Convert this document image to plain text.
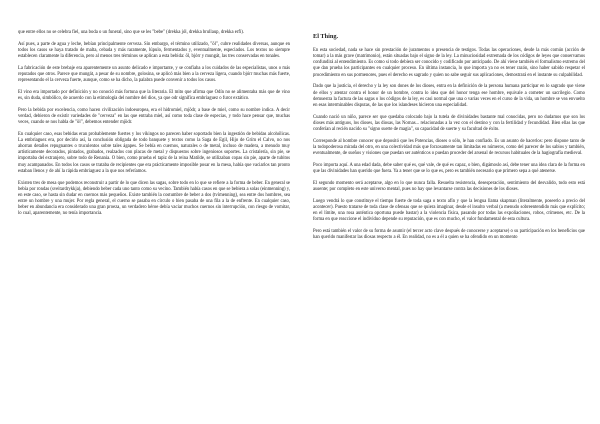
que entre ellos no se celebra fiel, una boda o un funeral, sino que se les "bebe" (drekka jól, drekka brullaup, drekka erfi).

Así pues, a parte de agua y leche, bebían principalmente cerveza. Sin embargo, el término utilizado, "öl", cubre realidades diversas, aunque en todos los casos se haya tratado de malta, cebada y más raramente, lúpulo, fermentados y, eventualmente, especiados. Los textos no siempre establecen claramente la diferencia, pero al menos tres términos se aplican a esta bebida: öl, bjórr y mungát, las tres conservadas en tonales.

La fabricación de este brebaje era aparentemente un asunto delicado e importante, y se confiaba a los cuidados de las especialistas, unos o más reputados que otros. Parece que mungát, a pesar de su nombre, golosina, se aplicó más bien a la cerveza ligera, cuando bjórr muchas más fuerte, representando el la cerveza fuerte, aunque, como se ha dicho, la palabra puede convenir a todos los casos.

El vino era importado por definición y no conoció más fortuna que la literaria. El mito que afirma que Odín no se alimentaba más que de vino es, sin duda, simbólico, de acuerdo con la etimología del nombre del dios, ya que odr significa embriaguez o furor extático.

Pero la bebida por excelencia, como hacen civilización indoeuropea, era el hidromiel, mjödr, a base de miel, como su nombre indica. A decir verdad, debieron de existir variedades de "cerveza" en las que entraba miel, así como toda clase de especias, y todo hace pensar que, muchas veces, cuando se nos habla de "öl", debemos entender mjödr.

En cualquier caso, esas bebidas eran probablemente fuertes y los vikingos no parecen haber soportado bien la ingestión de bebidas alcohólicas. La embriaguez era, por decirlo así, la conclusión obligada de todo banquete y textos como la Saga de Egil, Hijo de Grím el Calvo, no nos ahorran detalles repugnantes o truculentos sobre tales ágapes. Se bebía en cuernos, naturales o de metal, incluso de madera, a menudo muy artísticamente decorados, pintados, grabados, realzados con placas de metal y dispuestos sobre ingeniosos soportes. La cristalería, sin pie, se importaba del extranjero, sobre todo de Renania. O bien, como prueba el tapiz de la reina Matilde, se utilizaban copas sin pie, aparte de tubitos muy acampanados. En todos los casos se trataba de recipientes que era prácticamente imposible posar en la mesa, había que vaciarlos tan pronto estaban llenos y de ahí la rápida embriaguez a la que nos referíamos.

Existen tres de mesa que podemos reconstruir a partir de lo que dicen las sagas, sobre todo en lo que se refiere a la forma de beber. En general se bebía por rondas (sveitardrykkja), debiendo beber cada uno tanto como su vecino. También había casos en que se bebiera a solas (einmenning) y, en este caso, se hasta sin dudar en cuernos más pequeños. Existe también la costumbre de beber a dos (tvímenning), sea entre dos hombres, sea entre un hombre y una mujer. Por regla general, el cuerno se pasaba en círculo o bien pasaba de una fila a la de enfrente. En cualquier caso, beber en abundancia era considerado una gran proeza, un verdadero héroe debía vaciar muchos cuernos sin interrupción, con riesgo de vomitar, lo cual, aparentemente, no tenía importancia.

El Thing.

En esta sociedad, nada se hace sin prestación de juramentos o presencia de testigos. Todas las operaciones, desde la más común (acción de tomar) a la más grave (matrimonio), están situadas bajo el signo de la ley. La minuciosidad extremada de los códigos de leyes que conservamos confundirá al entendimiento. Es como si todo debiera ser conocido y codificado por anticipado. De ahí viene también el formalismo extremo del que dan prueba los participantes en cualquier proceso. En última instancia, lo que importa ya no es tener razón, sino haber sabido respetar el procedimiento en sus pormenores, pues el derecho es sagrado y quien no sabe seguir sus aplicaciones, demostrará en el instante su culpabilidad.

Dado que la justicia, el derecho y la ley son dones de los dioses, entra en la definición de la persona humana participar en lo sagrado que viene de ellos y atentar contra el honor de un hombre, contra lo idea que del honor tenga ese hombre, equivale a cometer un sacrilegio. Como demuestra la factura de las sagas o los códigos de la ley, es casi normal que una o varias veces en el curso de la vida, un hombre se vea envuelto en esas interminables disputas, de las que los islandeses hicieron una especialidad.

Cuando nació un niño, parece ser que quedaba colocado bajo la tutela de divinidades bastante mal conocidas, pero no dudamos que son los dioses más antiguos, los dioses, las diosas, las Nornas... relacionadas a la vez con el destino y con la fertilidad y fecundidad. Bien ellas las que conferían al recién nacido su "signo suerte de magia", su capacidad de suerte y su facultad de éxito.

Corresponde al hombre conocer que depositó que les Potencias, dioses o sólo, le han confiado. Es un asunto de hacerlos: pero dispone tanto de la todopoderosa mirada del otro, en una colectividad más que forzosamente tan limitadas en números, como del parecer de los sabios y también, eventualmente, de sueños y visiones que puedan ser auténticos o puedan proceder del arsenal de recursos habituales de la hagiografía medieval.

Poco importa aquí. A una edad dada, debe saber qué es, qué vale, de qué es capaz, o bien, digámoslo así, debe tener una idea clara de la forma en que las divinidades han querido que fuera. Ya a tener que se lo que es, pero es también necesario que primero sepa a qué atenerse.

El segundo momento será aceptarse, algo en lo que nunca falla. Resuelta resistencia, desesperación, sentimiento del desvalido, todo esto está ausente; por completo en este universo mental, pues no hay que levantarse contra las decisiones de los dioses.

Luego vendrá lo que constituye el tiempo fuerte de toda saga o texto afín y que la lengua llama skapman (literalmente, poseerlo a precio del acontecer). Puesto tratarse de toda clase de ofensas que se quiera imaginar, desde el insulto verbal (a menudo sobreentendido más que explícito; en el límite, una rosa auténtica oportuna puede bastar) a la violencia física, pasando por todas las expoliaciones, robos, crímenes, etc. De la forma en que reaccione el individuo depende su reputación, que es con mucho, el valor fundamental de esta cultura.

Pero está también el valor de su forma de asumir (el tercer acto clave después de conocerse y aceptarse) o su participación en los beneficios que han querido manifestar las diosas respecto a él. En realidad, no es a él a quien se ha ofendido en un momento
